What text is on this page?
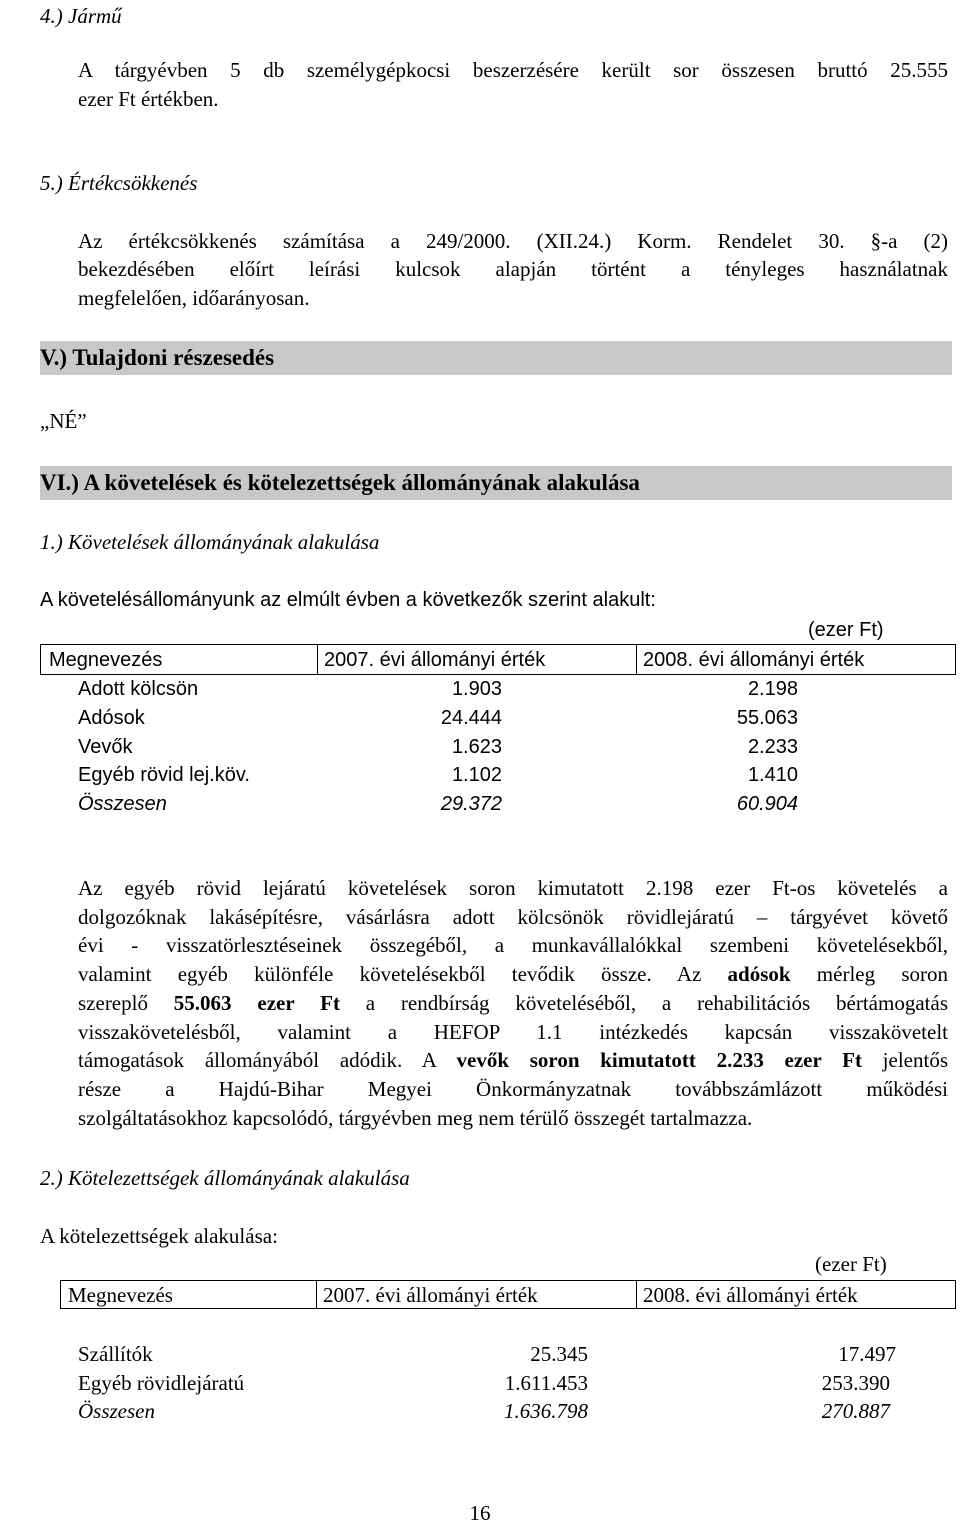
4.) Jármű
A tárgyévben 5 db személygépkocsi beszerzésére került sor összesen bruttó 25.555
ezer Ft értékben.
5.) Értékcsökkenés
Az értékcsökkenés számítása a 249/2000. (XII.24.) Korm. Rendelet 30. §-a (2)
bekezdésében előírt leírási kulcsok alapján történt a tényleges használatnak
megfelelően, időarányosan.
V.) Tulajdoni részesedés
„NÉ”
VI.) A követelések és kötelezettségek állományának alakulása
1.) Követelések állományának alakulása
A követelésállományunk az elmúlt évben a következők szerint alakult:
(ezer Ft)
Megnevezés	2007. évi állományi érték	2008. évi állományi érték
Adott kölcsön	1.903	2.198
Adósok	24.444	55.063
Vevők	1.623	2.233
Egyéb rövid lej.köv.	1.102	1.410
Összesen	29.372	60.904
Az egyéb rövid lejáratú követelések soron kimutatott 2.198 ezer Ft-os követelés a
dolgozóknak lakásépítésre, vásárlásra adott kölcsönök rövidlejáratú – tárgyévet követő
évi - visszatörlesztéseinek összegéből, a munkavállalókkal szembeni követelésekből,
valamint egyéb különféle követelésekből tevődik össze. Az adósok mérleg soron
szereplő 55.063 ezer Ft a rendbírság követeléséből, a rehabilitációs bértámogatás
visszakövetelésből, valamint a HEFOP 1.1 intézkedés kapcsán visszakövetelt
támogatások állományából adódik. A vevők soron kimutatott 2.233 ezer Ft jelentős
része a Hajdú-Bihar Megyei Önkormányzatnak továbbszámlázott működési
szolgáltatásokhoz kapcsolódó, tárgyévben meg nem térülő összegét tartalmazza.
2.) Kötelezettségek állományának alakulása
A kötelezettségek alakulása:
(ezer Ft)
Megnevezés	2007. évi állományi érték	2008. évi állományi érték
Szállítók	25.345	17.497
Egyéb rövidlejáratú	1.611.453	253.390
Összesen	1.636.798	270.887
16
